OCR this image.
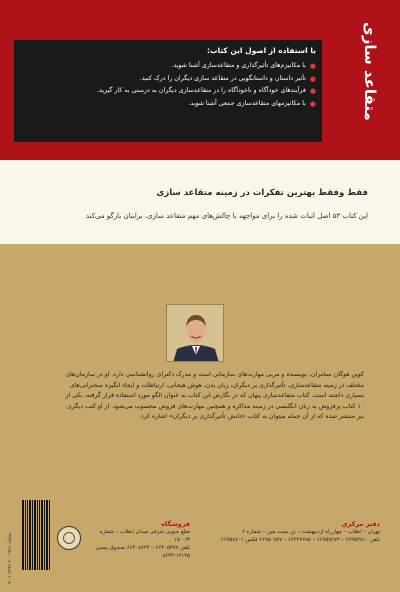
با استفاده از اصول این کتاب:
●
با مکانیزم‌های تأثیرگذاری و متقاعدسازی آشنا شوید.
●
تأثیر داستان و داستانگویی در متقاعد سازی دیگران را درک کنید.
●
فرآیندهای خودآگاه و ناخودآگاه را در متقاعدسازی دیگران به درستی به کار گیرید.
●
با مکانیزمهای متقاعدسازی جمعی آشنا شوید.	متقاعد سازی
فقط وفقط بهترین تفکرات در زمینه متقاعد سازی
این کتاب ۵۳ اصل اثبات شده را برای مواجهه با چالش‌های مهم متقاعد سازی، برایتان بازگو می‌کند
کوین هوگان سخنران، نویسنده و مربی مهارت‌های سازمانی است و مدرک دکترای روانشناسی دارد. او در سازمان‌های مختلف در زمینه متقاعدسازی، تأثیرگذاری بر دیگران، زبان بدن، هوش هیجانی، ارتباطات و ایجاد انگیزه سخنرانی‌های بسیاری داشته است. کتاب متقاعدسازی پنهان که در نگارش این کتاب به عنوان الگو مورد استفاده قرار گرفته، یکی از ۱۰ کتاب پرفروش به زبان انگلیسی در زمینه مذاکره و همچنین مهارت‌های فروش محسوب می‌شود. از او کتب دیگری نیز منتشر شده که از آن جمله میتوان به کتاب «دانش تأثیرگذاری بر دیگران» اشاره کرد.
شابک: ۹۷۸-۶۰۰-۸۴۴۸-۰۱-۹
فروشگاه
ضلع جنوبی شرقی میدان انقلاب – شماره ۱۵۰۰/۳
تلفن ۶۶۴۰۵۳۷۷ – ۶۶۴۰۸۶۲۳ صندوق پستی ۱۳۱۴۵-۸۶۴۳
دفتر مرکزی
تهران – انقلاب – چهارراه اردیبهشت – بن بست مین – شماره ۶
تلفن ۶۶۹۵۳۸۱۰ – ۶۶۹۵۸۲۷۳ – ۶۶۴۲۲۷۸۵ – ۶۶۹۵۰۷۷۷ فکس ۶۶۹۵۸۷۰۱
